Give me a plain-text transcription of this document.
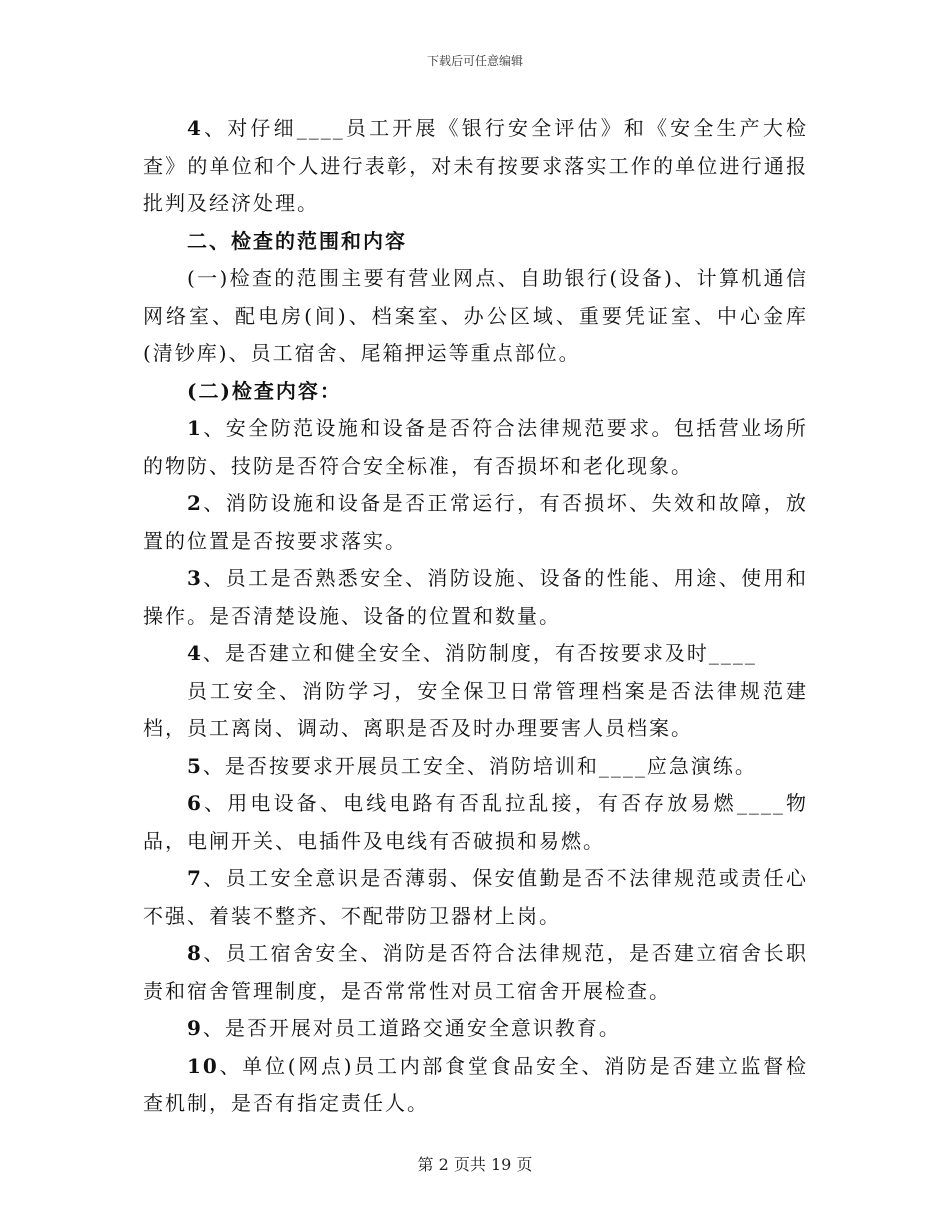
下载后可任意编辑

4、对仔细____员工开展《银行安全评估》和《安全生产大检查》的单位和个人进行表彰，对未有按要求落实工作的单位进行通报批判及经济处理。

二、检查的范围和内容

(一)检查的范围主要有营业网点、自助银行(设备)、计算机通信网络室、配电房(间)、档案室、办公区域、重要凭证室、中心金库(清钞库)、员工宿舍、尾箱押运等重点部位。

(二)检查内容：

1、安全防范设施和设备是否符合法律规范要求。包括营业场所的物防、技防是否符合安全标准，有否损坏和老化现象。

2、消防设施和设备是否正常运行，有否损坏、失效和故障，放置的位置是否按要求落实。

3、员工是否熟悉安全、消防设施、设备的性能、用途、使用和操作。是否清楚设施、设备的位置和数量。

4、是否建立和健全安全、消防制度，有否按要求及时____

员工安全、消防学习，安全保卫日常管理档案是否法律规范建档，员工离岗、调动、离职是否及时办理要害人员档案。

5、是否按要求开展员工安全、消防培训和____应急演练。

6、用电设备、电线电路有否乱拉乱接，有否存放易燃____物品，电闸开关、电插件及电线有否破损和易燃。

7、员工安全意识是否薄弱、保安值勤是否不法律规范或责任心不强、着装不整齐、不配带防卫器材上岗。

8、员工宿舍安全、消防是否符合法律规范，是否建立宿舍长职责和宿舍管理制度，是否常常性对员工宿舍开展检查。

9、是否开展对员工道路交通安全意识教育。

10、单位(网点)员工内部食堂食品安全、消防是否建立监督检查机制，是否有指定责任人。

第 2 页共 19 页
